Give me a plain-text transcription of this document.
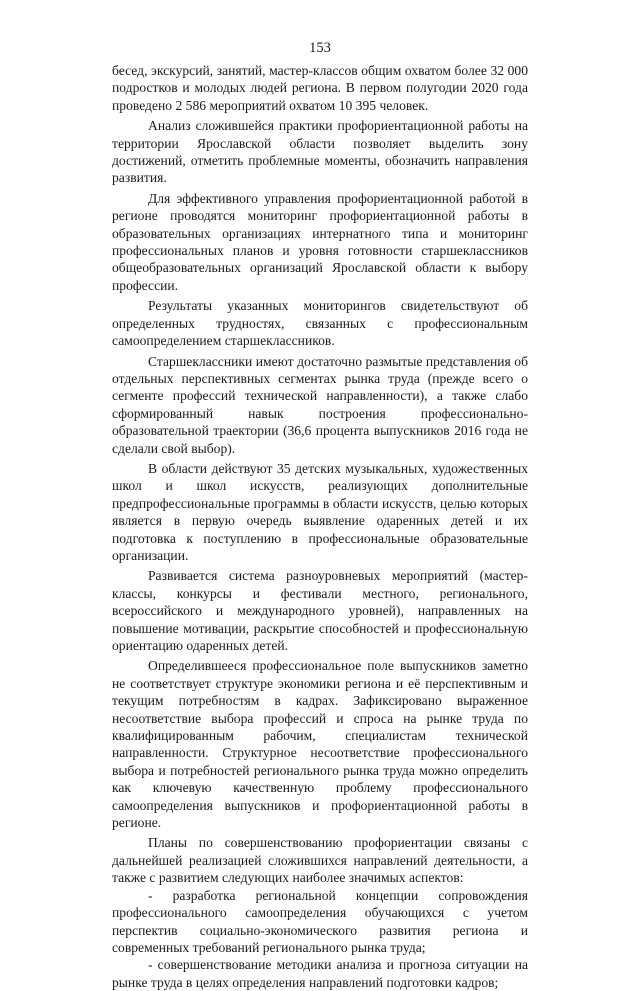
153

бесед, экскурсий, занятий, мастер-классов общим охватом более 32 000 подростков и молодых людей региона. В первом полугодии 2020 года проведено 2 586 мероприятий охватом 10 395 человек.

Анализ сложившейся практики профориентационной работы на территории Ярославской области позволяет выделить зону достижений, отметить проблемные моменты, обозначить направления развития.

Для эффективного управления профориентационной работой в регионе проводятся мониторинг профориентационной работы в образовательных организациях интернатного типа и мониторинг профессиональных планов и уровня готовности старшеклассников общеобразовательных организаций Ярославской области к выбору профессии.

Результаты указанных мониторингов свидетельствуют об определенных трудностях, связанных с профессиональным самоопределением старшеклассников.

Старшеклассники имеют достаточно размытые представления об отдельных перспективных сегментах рынка труда (прежде всего о сегменте профессий технической направленности), а также слабо сформированный навык построения профессионально-образовательной траектории (36,6 процента выпускников 2016 года не сделали свой выбор).

В области действуют 35 детских музыкальных, художественных школ и школ искусств, реализующих дополнительные предпрофессиональные программы в области искусств, целью которых является в первую очередь выявление одаренных детей и их подготовка к поступлению в профессиональные образовательные организации.

Развивается система разноуровневых мероприятий (мастер-классы, конкурсы и фестивали местного, регионального, всероссийского и международного уровней), направленных на повышение мотивации, раскрытие способностей и профессиональную ориентацию одаренных детей.

Определившееся профессиональное поле выпускников заметно не соответствует структуре экономики региона и её перспективным и текущим потребностям в кадрах. Зафиксировано выраженное несоответствие выбора профессий и спроса на рынке труда по квалифицированным рабочим, специалистам технической направленности. Структурное несоответствие профессионального выбора и потребностей регионального рынка труда можно определить как ключевую качественную проблему профессионального самоопределения выпускников и профориентационной работы в регионе.

Планы по совершенствованию профориентации связаны с дальнейшей реализацией сложившихся направлений деятельности, а также с развитием следующих наиболее значимых аспектов:

- разработка региональной концепции сопровождения профессионального самоопределения обучающихся с учетом перспектив социально-экономического развития региона и современных требований регионального рынка труда;

- совершенствование методики анализа и прогноза ситуации на рынке труда в целях определения направлений подготовки кадров;
